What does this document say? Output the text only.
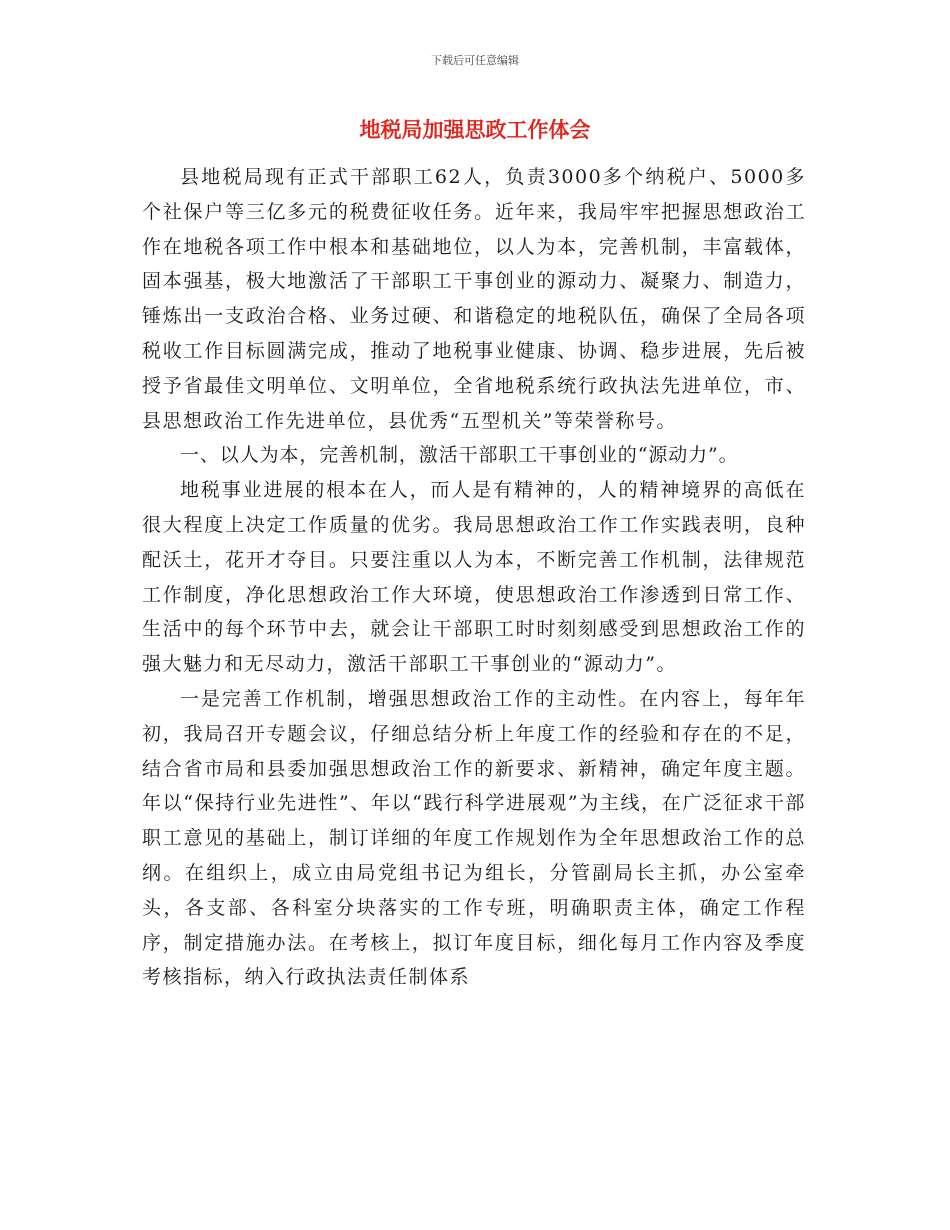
下载后可任意编辑
地税局加强思政工作体会

县地税局现有正式干部职工62人，负责3000多个纳税户、5000多个社保户等三亿多元的税费征收任务。近年来，我局牢牢把握思想政治工作在地税各项工作中根本和基础地位，以人为本，完善机制，丰富载体，固本强基，极大地激活了干部职工干事创业的源动力、凝聚力、制造力，锤炼出一支政治合格、业务过硬、和谐稳定的地税队伍，确保了全局各项税收工作目标圆满完成，推动了地税事业健康、协调、稳步进展，先后被授予省最佳文明单位、文明单位，全省地税系统行政执法先进单位，市、县思想政治工作先进单位，县优秀“五型机关”等荣誉称号。

一、以人为本，完善机制，激活干部职工干事创业的“源动力”。

地税事业进展的根本在人，而人是有精神的，人的精神境界的高低在很大程度上决定工作质量的优劣。我局思想政治工作工作实践表明，良种配沃土，花开才夺目。只要注重以人为本，不断完善工作机制，法律规范工作制度，净化思想政治工作大环境，使思想政治工作渗透到日常工作、生活中的每个环节中去，就会让干部职工时时刻刻感受到思想政治工作的强大魅力和无尽动力，激活干部职工干事创业的“源动力”。

一是完善工作机制，增强思想政治工作的主动性。在内容上，每年年初，我局召开专题会议，仔细总结分析上年度工作的经验和存在的不足，结合省市局和县委加强思想政治工作的新要求、新精神，确定年度主题。年以“保持行业先进性”、年以“践行科学进展观”为主线，在广泛征求干部职工意见的基础上，制订详细的年度工作规划作为全年思想政治工作的总纲。在组织上，成立由局党组书记为组长，分管副局长主抓，办公室牵头，各支部、各科室分块落实的工作专班，明确职责主体，确定工作程序，制定措施办法。在考核上，拟订年度目标，细化每月工作内容及季度考核指标，纳入行政执法责任制体系
